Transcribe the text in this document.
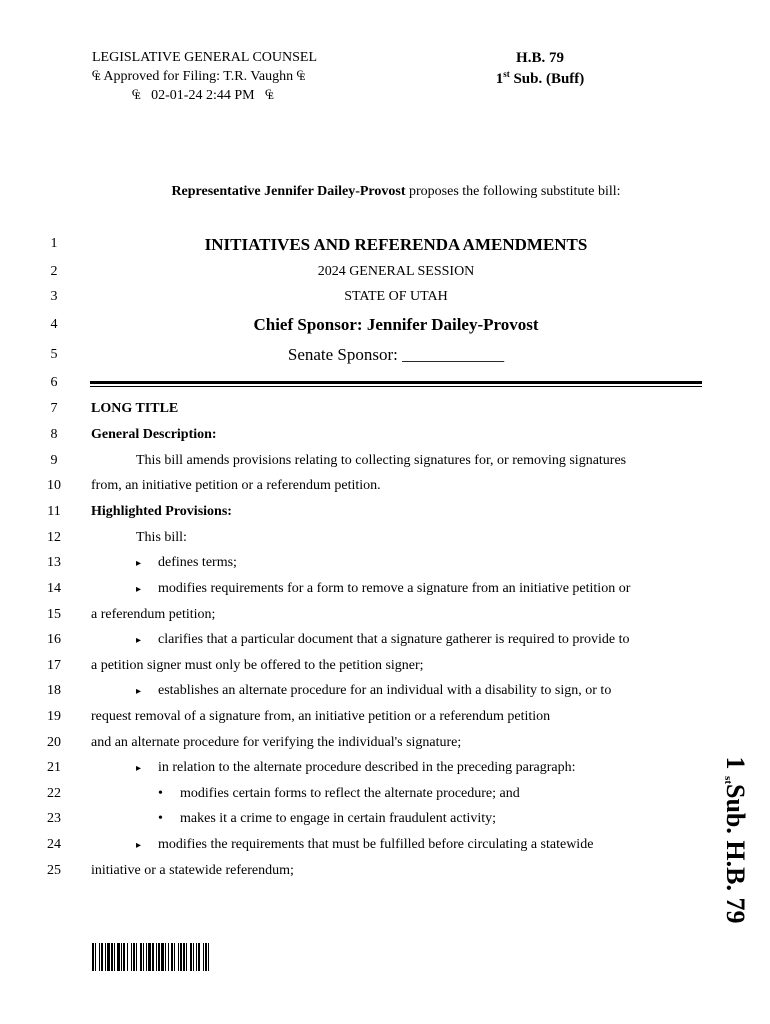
LEGISLATIVE GENERAL COUNSEL
₠ Approved for Filing: T.R. Vaughn ₠
₠ 02-01-24 2:44 PM ₠
H.B. 79
1st Sub. (Buff)
Representative Jennifer Dailey-Provost proposes the following substitute bill:
1	INITIATIVES AND REFERENDA AMENDMENTS
2	2024 GENERAL SESSION
3	STATE OF UTAH
4	Chief Sponsor: Jennifer Dailey-Provost
5	Senate Sponsor: ____________
6
7	LONG TITLE
8	General Description:
9	This bill amends provisions relating to collecting signatures for, or removing signatures
10	from, an initiative petition or a referendum petition.
11	Highlighted Provisions:
12	This bill:
13	▸ defines terms;
14	▸ modifies requirements for a form to remove a signature from an initiative petition or
15	a referendum petition;
16	▸ clarifies that a particular document that a signature gatherer is required to provide to
17	a petition signer must only be offered to the petition signer;
18	▸ establishes an alternate procedure for an individual with a disability to sign, or to
19	request removal of a signature from, an initiative petition or a referendum petition
20	and an alternate procedure for verifying the individual's signature;
21	▸ in relation to the alternate procedure described in the preceding paragraph:
22	• modifies certain forms to reflect the alternate procedure; and
23	• makes it a crime to engage in certain fraudulent activity;
24	▸ modifies the requirements that must be fulfilled before circulating a statewide
25	initiative or a statewide referendum;
1 $_{st}$Sub. H.B. 79
